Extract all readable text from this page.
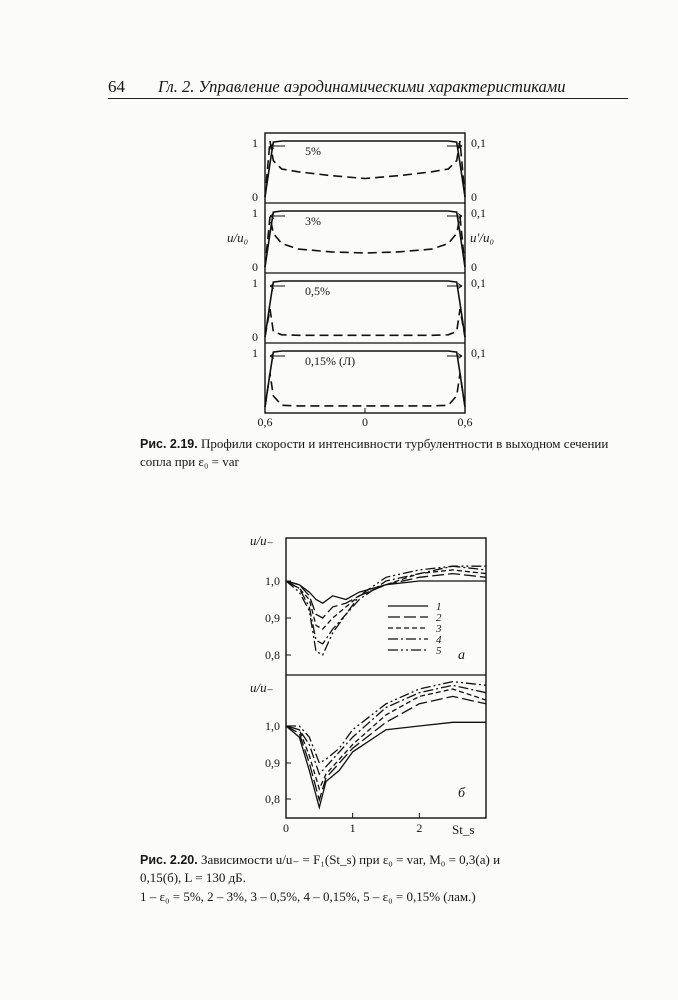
64 Гл. 2. Управление аэродинамическими характеристиками
5%
1
0
0,1
0
3%
1
0
0,1
0
0,5%
1
0
0,1
0,15% (Л)
1	0,1
u/u₀	u′/u₀
0,6	0	0,6
Рис. 2.19. Профили скорости и интенсивности турбулентности в выходном сечении сопла при ε₀ = var
1,0
0,9
0,8
u/u₋
а
1,0
0,9
0,8
u/u₋
б
1
2
3
4
5
0	1	2 St_s
Рис. 2.20. Зависимости u/u₋ = F₁(St_s) при ε₀ = var, M₀ = 0,3(а) и
0,15(б), L = 130 дБ.
1 – ε₀ = 5%, 2 – 3%, 3 – 0,5%, 4 – 0,15%, 5 – ε₀ = 0,15% (лам.)
